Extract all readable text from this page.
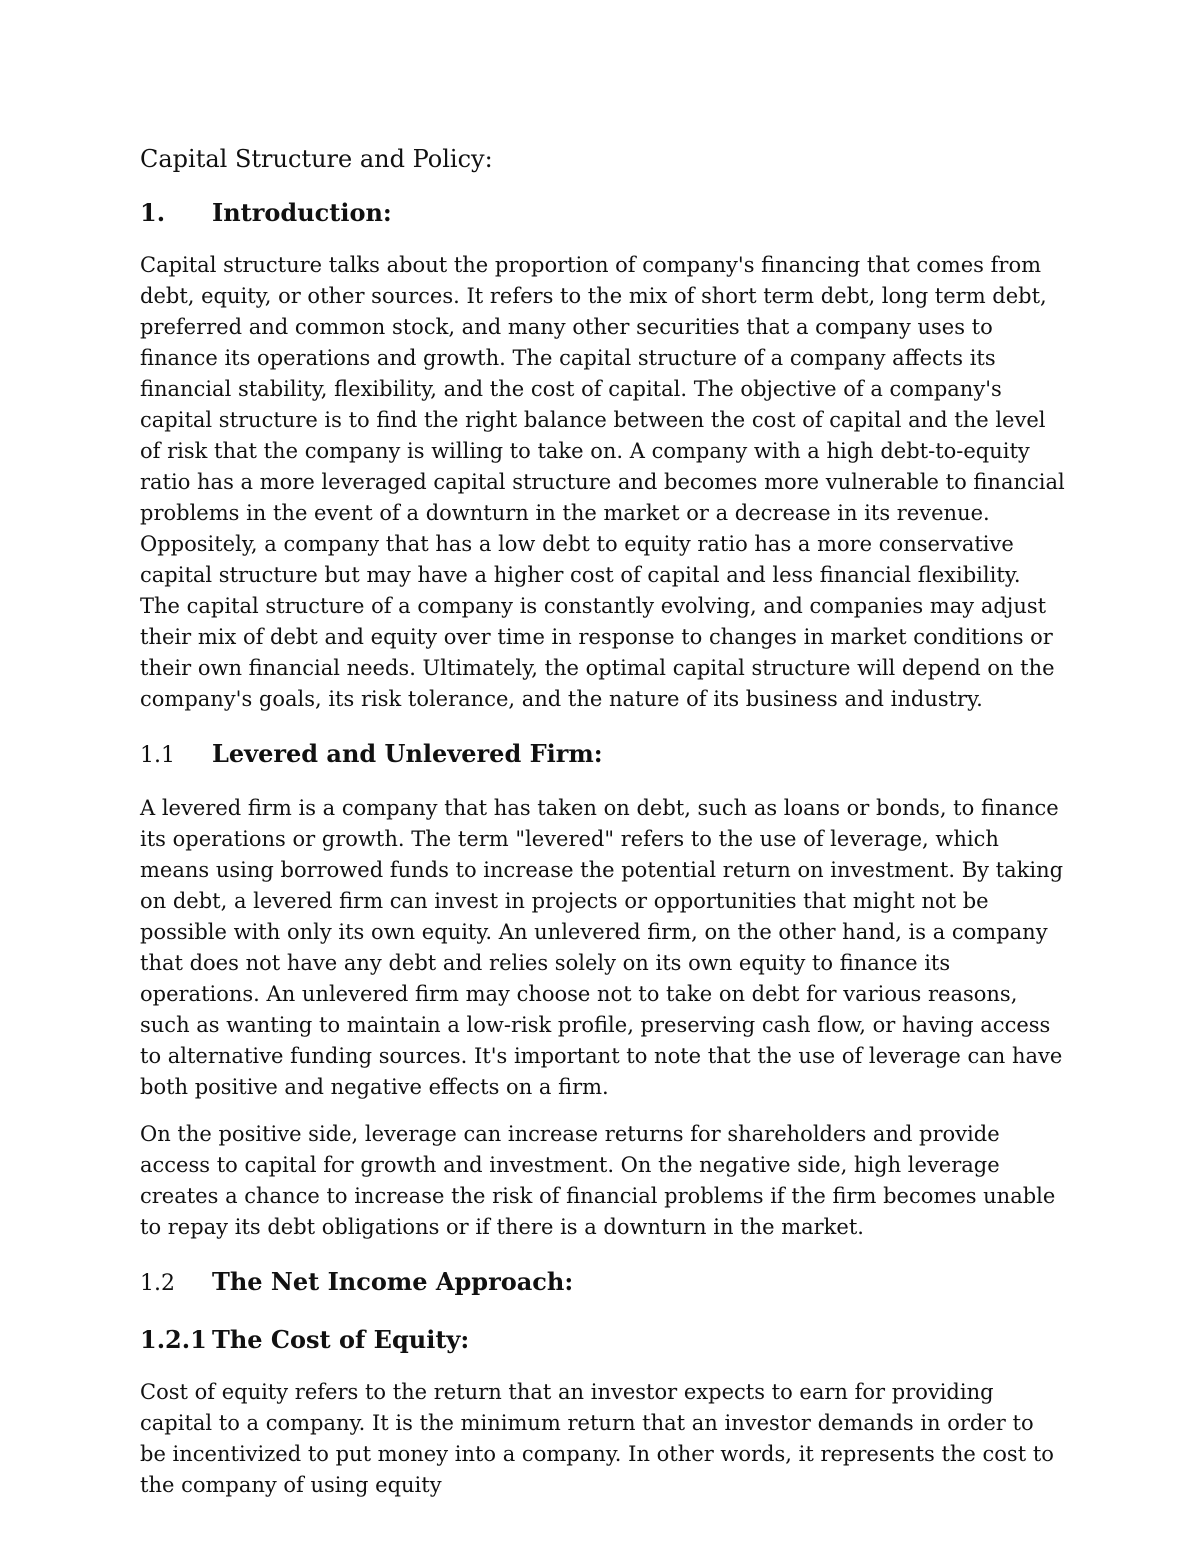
Capital Structure and Policy:
1.	Introduction:

Capital structure talks about the proportion of company's financing that comes from debt, equity, or other sources. It refers to the mix of short term debt, long term debt, preferred and common stock, and many other securities that a company uses to finance its operations and growth. The capital structure of a company affects its financial stability, flexibility, and the cost of capital. The objective of a company's capital structure is to find the right balance between the cost of capital and the level of risk that the company is willing to take on. A company with a high debt-to-equity ratio has a more leveraged capital structure and becomes more vulnerable to financial problems in the event of a downturn in the market or a decrease in its revenue. Oppositely, a company that has a low debt to equity ratio has a more conservative capital structure but may have a higher cost of capital and less financial flexibility. The capital structure of a company is constantly evolving, and companies may adjust their mix of debt and equity over time in response to changes in market conditions or their own financial needs. Ultimately, the optimal capital structure will depend on the company's goals, its risk tolerance, and the nature of its business and industry.

1.1	Levered and Unlevered Firm:

A levered firm is a company that has taken on debt, such as loans or bonds, to finance its operations or growth. The term "levered" refers to the use of leverage, which means using borrowed funds to increase the potential return on investment. By taking on debt, a levered firm can invest in projects or opportunities that might not be possible with only its own equity. An unlevered firm, on the other hand, is a company that does not have any debt and relies solely on its own equity to finance its operations. An unlevered firm may choose not to take on debt for various reasons, such as wanting to maintain a low-risk profile, preserving cash flow, or having access to alternative funding sources. It's important to note that the use of leverage can have both positive and negative effects on a firm.

On the positive side, leverage can increase returns for shareholders and provide access to capital for growth and investment. On the negative side, high leverage creates a chance to increase the risk of financial problems if the firm becomes unable to repay its debt obligations or if there is a downturn in the market.

1.2	The Net Income Approach:
1.2.1 The Cost of Equity:

Cost of equity refers to the return that an investor expects to earn for providing capital to a company. It is the minimum return that an investor demands in order to be incentivized to put money into a company. In other words, it represents the cost to the company of using equity
